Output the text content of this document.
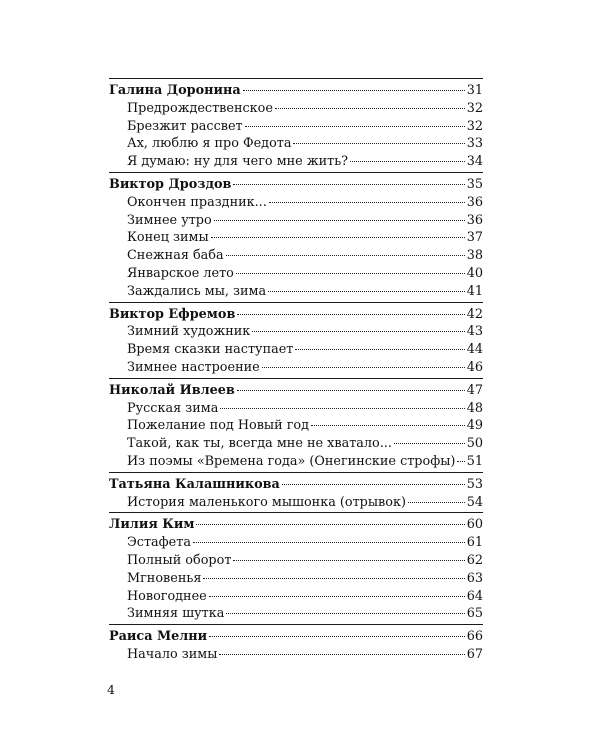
Галина Доронина	31
Предрождественское	32
Брезжит рассвет	32
Ах, люблю я про Федота	33
Я думаю: ну для чего мне жить?	34
Виктор Дроздов	35
Окончен праздник...	36
Зимнее утро	36
Конец зимы	37
Снежная баба	38
Январское лето	40
Заждались мы, зима	41
Виктор Ефремов	42
Зимний художник	43
Время сказки наступает	44
Зимнее настроение	46
Николай Ивлеев	47
Русская зима	48
Пожелание под Новый год	49
Такой, как ты, всегда мне не хватало...	50
Из поэмы «Времена года» (Онегинские строфы) 51
Татьяна Калашникова	53
История маленького мышонка (отрывок)	54
Лилия Ким	60
Эстафета	61
Полный оборот	62
Мгновенья	63
Новогоднее	64
Зимняя шутка	65
Раиса Мелни	66
Начало зимы	67
4
